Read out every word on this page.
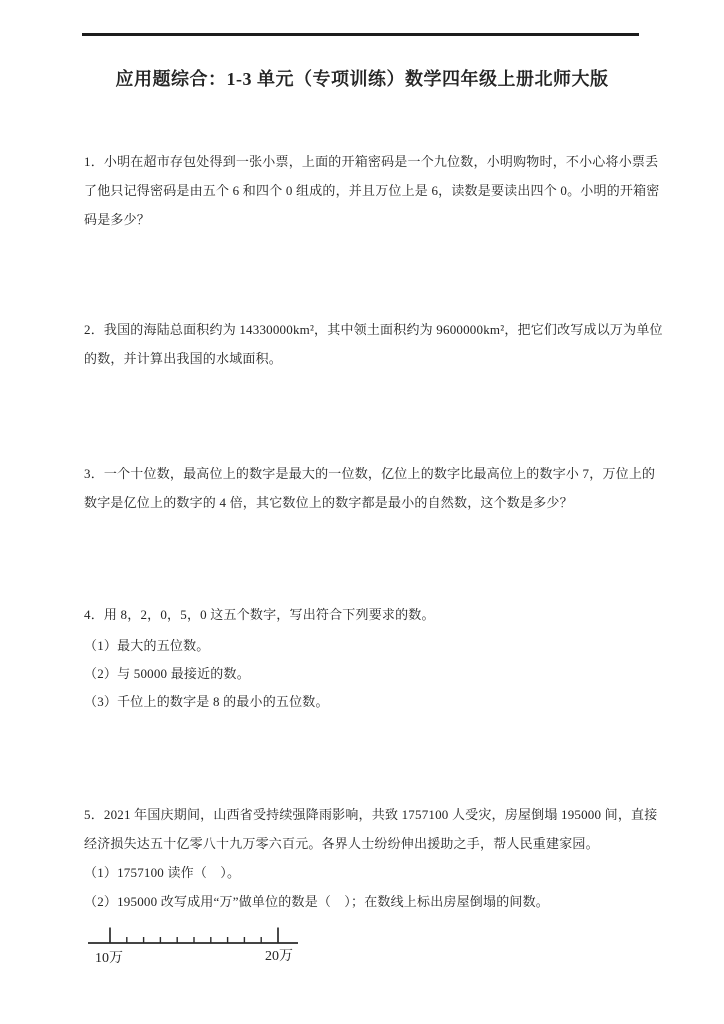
应用题综合：1-3 单元（专项训练）数学四年级上册北师大版
1．小明在超市存包处得到一张小票，上面的开箱密码是一个九位数，小明购物时，不小心将小票丢
了他只记得密码是由五个 6 和四个 0 组成的，并且万位上是 6，读数是要读出四个 0。小明的开箱密
码是多少？
2．我国的海陆总面积约为 14330000km²，其中领土面积约为 9600000km²，把它们改写成以万为单位
的数，并计算出我国的水域面积。
3．一个十位数，最高位上的数字是最大的一位数，亿位上的数字比最高位上的数字小 7，万位上的
数字是亿位上的数字的 4 倍，其它数位上的数字都是最小的自然数，这个数是多少？
4．用 8，2，0，5，0 这五个数字，写出符合下列要求的数。
（1）最大的五位数。
（2）与 50000 最接近的数。
（3）千位上的数字是 8 的最小的五位数。
5．2021 年国庆期间，山西省受持续强降雨影响，共致 1757100 人受灾，房屋倒塌 195000 间，直接
经济损失达五十亿零八十九万零六百元。各界人士纷纷伸出援助之手，帮人民重建家园。
（1）1757100 读作（　）。
（2）195000 改写成用“万”做单位的数是（　）；在数线上标出房屋倒塌的间数。
10万	20万
